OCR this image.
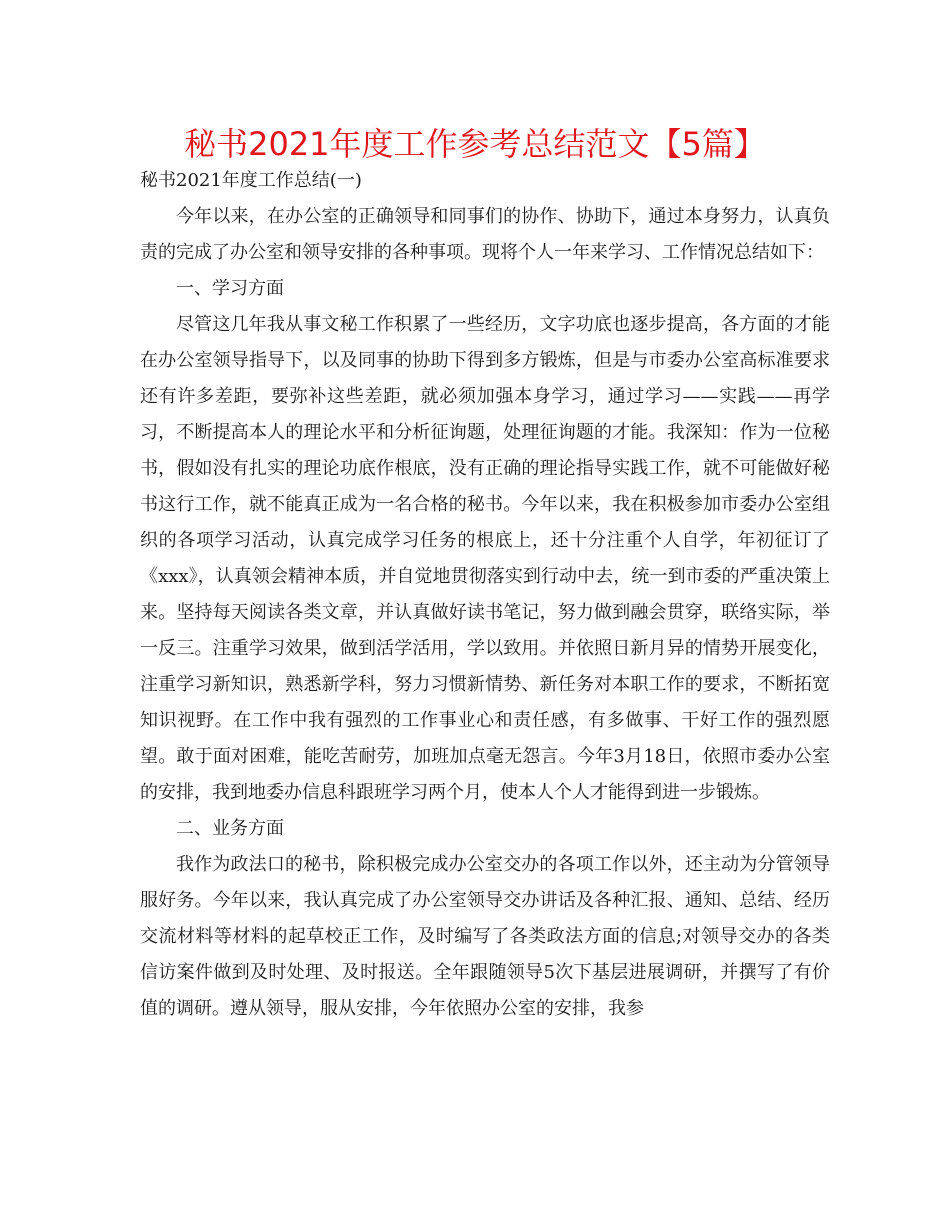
秘书2021年度工作参考总结范文【5篇】

秘书2021年度工作总结(一)

今年以来，在办公室的正确领导和同事们的协作、协助下，通过本身努力，认真负责的完成了办公室和领导安排的各种事项。现将个人一年来学习、工作情况总结如下：

一、学习方面

尽管这几年我从事文秘工作积累了一些经历，文字功底也逐步提高，各方面的才能在办公室领导指导下，以及同事的协助下得到多方锻炼，但是与市委办公室高标准要求还有许多差距，要弥补这些差距，就必须加强本身学习，通过学习——实践——再学习，不断提高本人的理论水平和分析征询题，处理征询题的才能。我深知：作为一位秘书，假如没有扎实的理论功底作根底，没有正确的理论指导实践工作，就不可能做好秘书这行工作，就不能真正成为一名合格的秘书。今年以来，我在积极参加市委办公室组织的各项学习活动，认真完成学习任务的根底上，还十分注重个人自学，年初征订了《xxx》，认真领会精神本质，并自觉地贯彻落实到行动中去，统一到市委的严重决策上来。坚持每天阅读各类文章，并认真做好读书笔记，努力做到融会贯穿，联络实际，举一反三。注重学习效果，做到活学活用，学以致用。并依照日新月异的情势开展变化，注重学习新知识，熟悉新学科，努力习惯新情势、新任务对本职工作的要求，不断拓宽知识视野。在工作中我有强烈的工作事业心和责任感，有多做事、干好工作的强烈愿望。敢于面对困难，能吃苦耐劳，加班加点毫无怨言。今年3月18日，依照市委办公室的安排，我到地委办信息科跟班学习两个月，使本人个人才能得到进一步锻炼。

二、业务方面

我作为政法口的秘书，除积极完成办公室交办的各项工作以外，还主动为分管领导服好务。今年以来，我认真完成了办公室领导交办讲话及各种汇报、通知、总结、经历交流材料等材料的起草校正工作，及时编写了各类政法方面的信息;对领导交办的各类信访案件做到及时处理、及时报送。全年跟随领导5次下基层进展调研，并撰写了有价值的调研。遵从领导，服从安排，今年依照办公室的安排，我参
